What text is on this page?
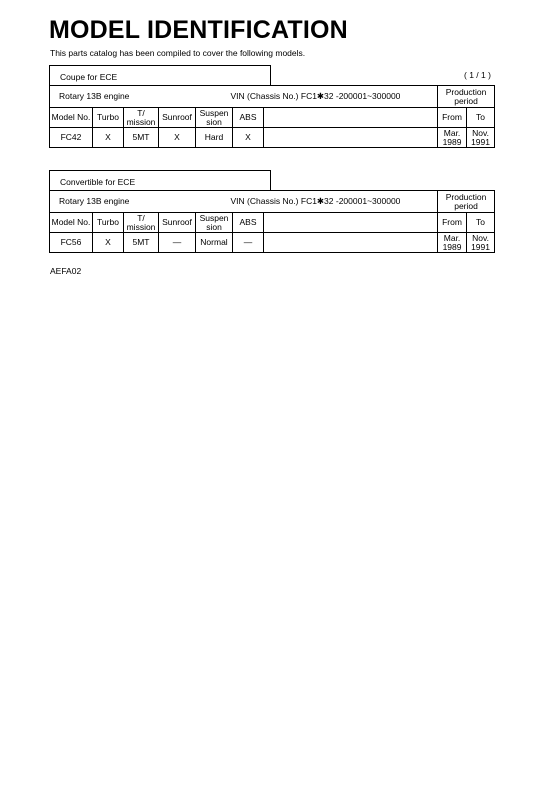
MODEL IDENTIFICATION
This parts catalog has been compiled to cover the following models.
( 1 / 1 )
Coupe for ECE
Rotary 13B engine VIN (Chassis No.) FC1✱32 -200001~300000							Production period	
Model No.	Turbo	T/ mission	Sunroof	Suspen sion	ABS		From	To
FC42	X	5MT	X	Hard	X		Mar. 1989	Nov. 1991
Convertible for ECE
Rotary 13B engine VIN (Chassis No.) FC1✱32 -200001~300000							Production period	
Model No.	Turbo	T/ mission	Sunroof	Suspen sion	ABS		From	To
FC56	X	5MT	—	Normal	—		Mar. 1989	Nov. 1991
AEFA02
